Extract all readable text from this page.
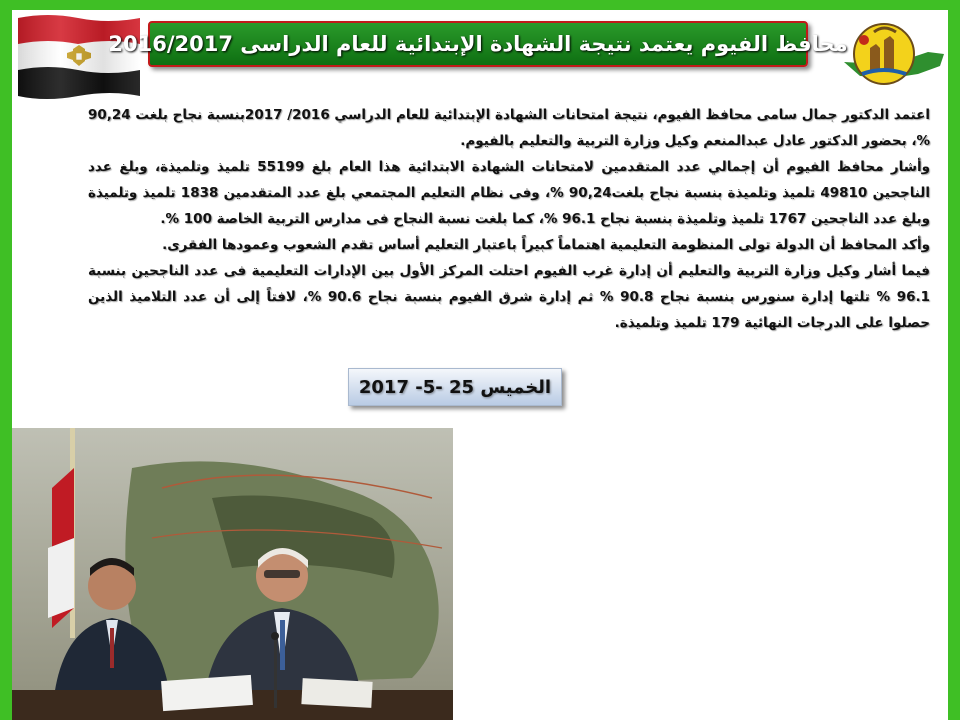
محافظ الفيوم يعتمد نتيجة الشهادة الإبتدائية للعام الدراسى 2016/2017

اعتمد الدكتور جمال سامى محافظ الفيوم، نتيجة امتحانات الشهادة الإبتدائية للعام الدراسي 2016/ 2017بنسبة نجاح بلغت 90,24 %، بحضور الدكتور عادل عبدالمنعم وكيل وزارة التربية والتعليم بالفيوم.

وأشار محافظ الفيوم أن إجمالي عدد المتقدمين لامتحانات الشهادة الابتدائية هذا العام بلغ 55199 تلميذ وتلميذة، وبلغ عدد الناجحين 49810 تلميذ وتلميذة بنسبة نجاح بلغت90,24 %، وفى نظام التعليم المجتمعي بلغ عدد المتقدمين 1838 تلميذ وتلميذة وبلغ عدد الناجحين 1767 تلميذ وتلميذة بنسبة نجاح 96.1 %، كما بلغت نسبة النجاح فى مدارس التربية الخاصة 100 %.

وأكد المحافظ أن الدولة تولى المنظومة التعليمية اهتماماً كبيراً باعتبار التعليم أساس تقدم الشعوب وعمودها الفقرى.

فيما أشار وكيل وزارة التربية والتعليم أن إدارة غرب الفيوم احتلت المركز الأول بين الإدارات التعليمية فى عدد الناجحين بنسبة 96.1 % تلتها إدارة سنورس بنسبة نجاح 90.8 % ثم إدارة شرق الفيوم بنسبة نجاح 90.6 %، لافتاً إلى أن عدد التلاميذ الذين حصلوا على الدرجات النهائية 179 تلميذ وتلميذة.

الخميس 25 -5- 2017
